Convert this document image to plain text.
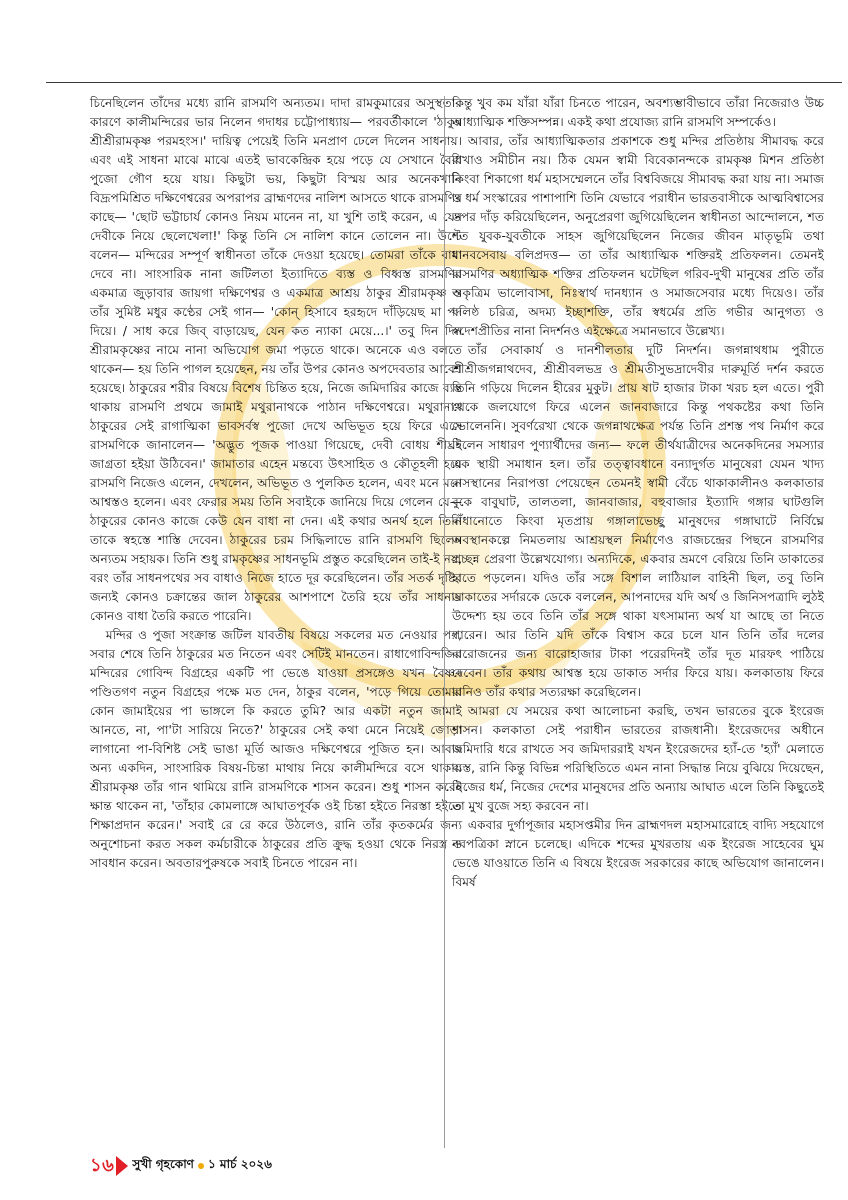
চিনেছিলেন তাঁদের মধ্যে রানি রাসমণি অন্যতম। দাদা রামকুমারের অসুস্থতার কারণে কালীমন্দিরের ভার নিলেন গদাধর চট্টোপাধ্যায়— পরবর্তীকালে 'ঠাকুর শ্রীশ্রীরামকৃষ্ণ পরমহংস।' দায়িত্ব পেয়েই তিনি মনপ্রাণ ঢেলে দিলেন সাধনায়। এবং এই সাধনা মাঝে মাঝে এতই ভাবকেন্দ্রিক হয়ে পড়ে যে সেখানে বৈধি পুজো গৌণ হয়ে যায়। কিছুটা ভয়, কিছুটা বিস্ময় আর অনেকখানি বিদ্রূপমিশ্রিত দক্ষিণেশ্বরের অপরাপর ব্রাহ্মণদের নালিশ আসতে থাকে রাসমণির কাছে— 'ছোট ভট্টাচার্য কোনও নিয়ম মানেন না, যা খুশি তাই করেন, এ যেন দেবীকে নিয়ে ছেলেখেলা!' কিন্তু তিনি সে নালিশ কানে তোলেন না। উল্টে বলেন— মন্দিরের সম্পূর্ণ স্বাধীনতা তাঁকে দেওয়া হয়েছে। তোমরা তাঁকে বাধা দেবে না। সাংসারিক নানা জটিলতা ইত্যাদিতে ব্যস্ত ও বিধ্বস্ত রাসমণির একমাত্র জুড়াবার জায়গা দক্ষিণেশ্বর ও একমাত্র আশ্রয় ঠাকুর শ্রীরামকৃষ্ণ ও তাঁর সুমিষ্ট মধুর কণ্ঠের সেই গান— 'কোন্ হিসাবে হরহৃদে দাঁড়িয়েছ মা পদ দিয়ে। / সাধ করে জিব্ বাড়ায়েছ, যেন কত ন্যাকা মেয়ে...।' তবু দিন দিন শ্রীরামকৃষ্ণের নামে নানা অভিযোগ জমা পড়তে থাকে। অনেকে এও বলতে থাকেন— হয় তিনি পাগল হয়েছেন, নয় তাঁর উপর কোনও অপদেবতার আবেশ হয়েছে। ঠাকুরের শরীর বিষয়ে বিশেষ চিন্তিত হয়ে, নিজে জমিদারির কাজে ব্যস্ত থাকায় রাসমণি প্রথমে জামাই মথুরানাথকে পাঠান দক্ষিণেশ্বরে। মথুরানাথ ঠাকুরের সেই রাগাত্মিকা ভাবসর্বস্ব পুজো দেখে অভিভূত হয়ে ফিরে এসে রাসমণিকে জানালেন— 'অদ্ভুত পূজক পাওয়া গিয়েছে, দেবী বোধয় শীঘ্রই জাগ্রতা হইয়া উঠিবেন।' জামাতার এহেন মন্তব্যে উৎসাহিত ও কৌতূহলী হয়ে রাসমণি নিজেও এলেন, দেখলেন, অভিভূত ও পুলকিত হলেন, এবং মনে মনে আশ্বস্তও হলেন। এবং ফেরার সময় তিনি সবাইকে জানিয়ে দিয়ে গেলেন যে— ঠাকুরের কোনও কাজে কেউ যেন বাধা না দেন। এই কথার অনর্থ হলে তিনি তাকে স্বহস্তে শাস্তি দেবেন। ঠাকুরের চরম সিদ্ধিলাভে রানি রাসমণি ছিলেন অন্যতম সহায়ক। তিনি শুধু রামকৃষ্ণের সাধনভূমি প্রস্তুত করেছিলেন তাই-ই নয়, বরং তাঁর সাধনপথের সব বাধাও নিজে হাতে দূর করেছিলেন। তাঁর সতর্ক দৃষ্টির জন্যই কোনও চক্রান্তের জাল ঠাকুরের আশপাশে তৈরি হয়ে তাঁর সাধনায় কোনও বাধা তৈরি করতে পারেনি।

মন্দির ও পুজা সংক্রান্ত জটিল যাবতীয় বিষয়ে সকলের মত নেওয়ার পর, সবার শেষে তিনি ঠাকুরের মত নিতেন এবং সেটিই মানতেন। রাধাগোবিন্দজির মন্দিরের গোবিন্দ বিগ্রহের একটি পা ভেঙে যাওয়া প্রসঙ্গেও যখন বৈষ্ণব পণ্ডিতগণ নতুন বিগ্রহের পক্ষে মত দেন, ঠাকুর বলেন, 'পড়ে গিয়ে তোমার কোন জামাইয়ের পা ভাঙ্গলে কি করতে তুমি? আর একটা নতুন জামাই আনতে, না, পা'টা সারিয়ে নিতে?' ঠাকুরের সেই কথা মেনে নিয়েই জোড়া লাগানো পা-বিশিষ্ট সেই ভাঙা মূর্তি আজও দক্ষিণেশ্বরে পূজিত হন। আবার অন্য একদিন, সাংসারিক বিষয়-চিন্তা মাথায় নিয়ে কালীমন্দিরে বসে থাকায় শ্রীরামকৃষ্ণ তাঁর গান থামিয়ে রানি রাসমণিকে শাসন করেন। শুধু শাসন করেই ক্ষান্ত থাকেন না, 'তাঁহার কোমলাঙ্গে আঘাতপূর্বক ওই চিন্তা হইতে নিরস্তা হইতে শিক্ষাপ্রদান করেন।' সবাই রে রে করে উঠলেও, রানি তাঁর কৃতকর্মের জন্য অনুশোচনা করত সকল কর্মচারীকে ঠাকুরের প্রতি ক্রুদ্ধ হওয়া থেকে নিরস্ত্র ও সাবধান করেন। অবতারপুরুষকে সবাই চিনতে পারেন না।

কিন্তু খুব কম যাঁরা যাঁরা চিনতে পারেন, অবশ্যম্ভাবীভাবে তাঁরা নিজেরাও উচ্চ আধ্যাত্মিক শক্তিসম্পন্ন। একই কথা প্রযোজ্য রানি রাসমণি সম্পর্কেও।

আবার, তাঁর আধ্যাত্মিকতার প্রকাশকে শুধু মন্দির প্রতিষ্ঠায় সীমাবদ্ধ করে রাখাও সমীচীন নয়। ঠিক যেমন স্বামী বিবেকানন্দকে রামকৃষ্ণ মিশন প্রতিষ্ঠা কিংবা শিকাগো ধর্ম মহাসম্মেলনে তাঁর বিশ্ববিজয়ে সীমাবদ্ধ করা যায় না। সমাজ ও ধর্ম সংস্কারের পাশাপাশি তিনি যেভাবে পরাধীন ভারতবাসীকে আত্মবিশ্বাসের ওপর দাঁড় করিয়েছিলেন, অনুপ্রেরণা জুগিয়েছিলেন স্বাধীনতা আন্দোলনে, শত শত যুবক-যুবতীকে সাহস জুগিয়েছিলেন নিজের জীবন মাতৃভূমি তথা মানবসেবায় বলিপ্রদত্ত— তা তাঁর আধ্যাত্মিক শক্তিরই প্রতিফলন। তেমনই রাসমণির অধ্যাত্মিক শক্তির প্রতিফলন ঘটেছিল গরিব-দুখী মানুষের প্রতি তাঁর অকৃত্রিম ভালোবাসা, নিঃস্বার্থ দানধ্যান ও সমাজসেবার মধ্যে দিয়েও। তাঁর বলিষ্ঠ চরিত্র, অদম্য ইচ্ছাশক্তি, তাঁর স্বধর্মের প্রতি গভীর আনুগত্য ও স্বদেশপ্রীতির নানা নিদর্শনও এইক্ষেত্রে সমানভাবে উল্লেখ্য।

তাঁর সেবাকার্য ও দানশীলতার দুটি নিদর্শন। জগন্নাথধাম পুরীতে শ্রীশ্রীজগন্নাথদেব, শ্রীশ্রীবলভদ্র ও শ্রীমতীসুভদ্রাদেবীর দারুমূর্তি দর্শন করতে তিনি গড়িয়ে দিলেন হীরের মুকুট। প্রায় ষাট হাজার টাকা খরচ হল এতে। পুরী থেকে জলযোগে ফিরে এলেন জানবাজারে কিন্তু পথকষ্টের কথা তিনি ভোলেননি। সুবর্ণরেখা থেকে জগন্নাথক্ষেত্র পর্যন্ত তিনি প্রশস্ত পথ নির্মাণ করে দিলেন সাধারণ পুণ্যার্থীদের জন্য— ফলে তীর্থযাত্রীদের অনেকদিনের সমস্যার এক স্থায়ী সমাধান হল। তাঁর তত্ত্বাবধানে বন্যাদুর্গত মানুষেরা যেমন খাদ্য বাসস্থানের নিরাপত্তা পেয়েছেন তেমনই স্বামী বেঁচে থাকাকালীনও কলকাতার বুকে বাবুঘাট, তালতলা, জানবাজার, বহুবাজার ইত্যাদি গঙ্গার ঘাটগুলি বাঁধানোতে কিংবা মৃতপ্রায় গঙ্গালাভেচ্ছু মানুষদের গঙ্গাঘাটে নির্বিঘ্নে অবস্থানকল্পে নিমতলায় আশ্রয়স্থল নির্মাণেও রাজচন্দ্রের পিছনে রাসমণির প্রচ্ছন্ন প্রেরণা উল্লেখযোগ্য। অন্যদিকে, একবার ভ্রমণে বেরিয়ে তিনি ডাকাতের হাতে পড়লেন। যদিও তাঁর সঙ্গে বিশাল লাঠিয়াল বাহিনী ছিল, তবু তিনি ডাকাতের সর্দারকে ডেকে বললেন, আপনাদের যদি অর্থ ও জিনিসপত্রাদি লুঠই উদ্দেশ্য হয় তবে তিনি তাঁর সঙ্গে থাকা যৎসামান্য অর্থ যা আছে তা নিতে পারেন। আর তিনি যদি তাঁকে বিশ্বাস করে চলে যান তিনি তাঁর দলের বারোজনের জন্য বারোহাজার টাকা পরেরদিনই তাঁর দূত মারফৎ পাঠিয়ে দেবেন। তাঁর কথায় আশ্বস্ত হয়ে ডাকাত সর্দার ফিরে যায়। কলকাতায় ফিরে রানিও তাঁর কথার সত্যরক্ষা করেছিলেন।

আমরা যে সময়ের কথা আলোচনা করছি, তখন ভারতের বুকে ইংরেজ শাসন। কলকাতা সেই পরাধীন ভারতের রাজধানী। ইংরেজদের অধীনে জমিদারি ধরে রাখতে সব জমিদাররাই যখন ইংরেজদের হ্যাঁ-তে 'হ্যাঁ' মেলাতে ব্যস্ত, রানি কিন্তু বিভিন্ন পরিস্থিতিতে এমন নানা সিদ্ধান্ত নিয়ে বুঝিয়ে দিয়েছেন, নিজের ধর্ম, নিজের দেশের মানুষদের প্রতি অন্যায় আঘাত এলে তিনি কিছুতেই তা মুখ বুজে সহ্য করবেন না।

একবার দুর্গাপূজার মহাসপ্তমীর দিন ব্রাহ্মণদল মহাসমারোহে বাদ্যি সহযোগে নবপত্রিকা স্নানে চলেছে। এদিকে শব্দের মুখরতায় এক ইংরেজ সাহেবের ঘুম ভেঙে যাওয়াতে তিনি এ বিষয়ে ইংরেজ সরকারের কাছে অভিযোগ জানালেন। বিমর্ষ

১৬ সুখী গৃহকোণ ১ মার্চ ২০২৬
